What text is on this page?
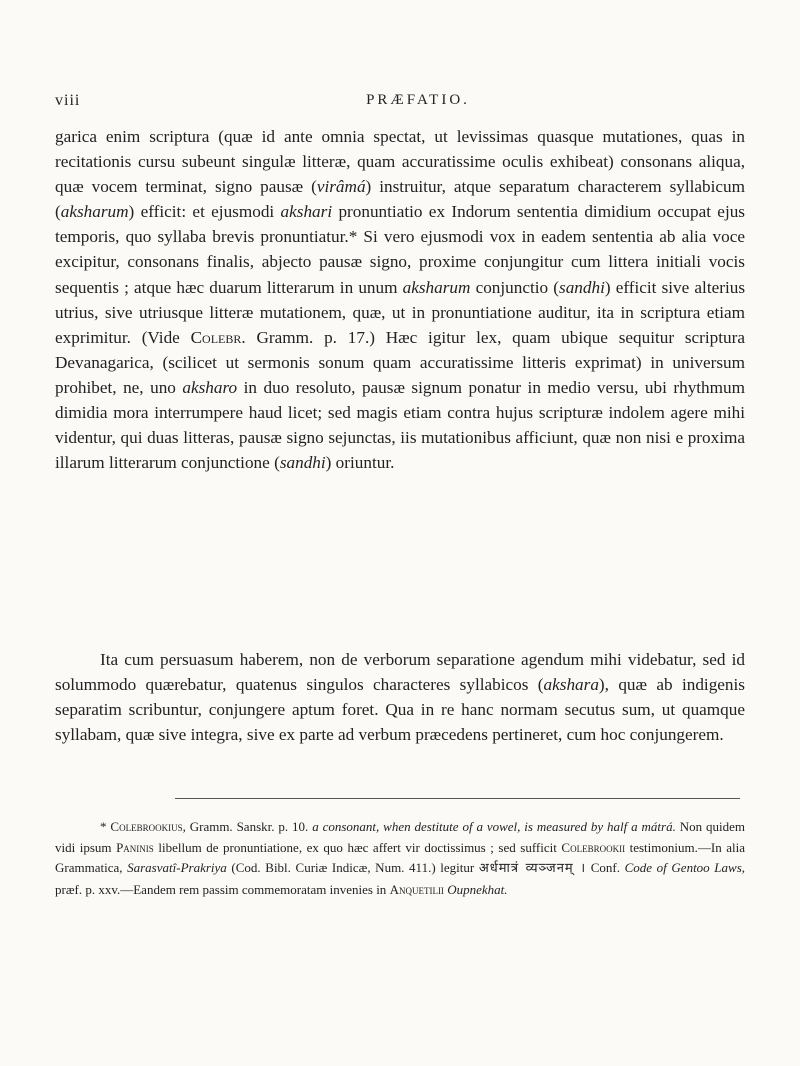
viii	PRÆFATIO.

garica enim scriptura (quæ id ante omnia spectat, ut levissimas quasque mutationes, quas in recitationis cursu subeunt singulæ litteræ, quam accuratissime oculis exhibeat) consonans aliqua, quæ vocem terminat, signo pausæ (virâmá) instruitur, atque separatum characterem syllabicum (aksharum) efficit: et ejusmodi akshari pronuntiatio ex Indorum sententia dimidium occupat ejus temporis, quo syllaba brevis pronuntiatur.* Si vero ejusmodi vox in eadem sententia ab alia voce excipitur, consonans finalis, abjecto pausæ signo, proxime conjungitur cum littera initiali vocis sequentis ; atque hæc duarum litterarum in unum aksharum conjunctio (sandhi) efficit sive alterius utrius, sive utriusque litteræ mutationem, quæ, ut in pronuntiatione auditur, ita in scriptura etiam exprimitur. (Vide Colebr. Gramm. p. 17.) Hæc igitur lex, quam ubique sequitur scriptura Devanagarica, (scilicet ut sermonis sonum quam accuratissime litteris exprimat) in universum prohibet, ne, uno aksharo in duo resoluto, pausæ signum ponatur in medio versu, ubi rhythmum dimidia mora interrumpere haud licet; sed magis etiam contra hujus scripturæ indolem agere mihi videntur, qui duas litteras, pausæ signo sejunctas, iis mutationibus afficiunt, quæ non nisi e proxima illarum litterarum conjunctione (sandhi) oriuntur.

Ita cum persuasum haberem, non de verborum separatione agendum mihi videbatur, sed id solummodo quærebatur, quatenus singulos characteres syllabicos (akshara), quæ ab indigenis separatim scribuntur, conjungere aptum foret. Qua in re hanc normam secutus sum, ut quamque syllabam, quæ sive integra, sive ex parte ad verbum præcedens pertineret, cum hoc conjungerem.

* Colebrookius, Gramm. Sanskr. p. 10. a consonant, when destitute of a vowel, is measured by half a mátrá. Non quidem vidi ipsum Paninis libellum de pronuntiatione, ex quo hæc affert vir doctissimus ; sed sufficit Colebrookii testimonium.—In alia Grammatica, Sarasvatî-Prakriya (Cod. Bibl. Curiæ Indicæ, Num. 411.) legitur अर्धमात्रं व्यञ्जनम् । Conf. Code of Gentoo Laws, præf. p. xxv.—Eandem rem passim commemoratam invenies in Anquetilii Oupnekhat.
